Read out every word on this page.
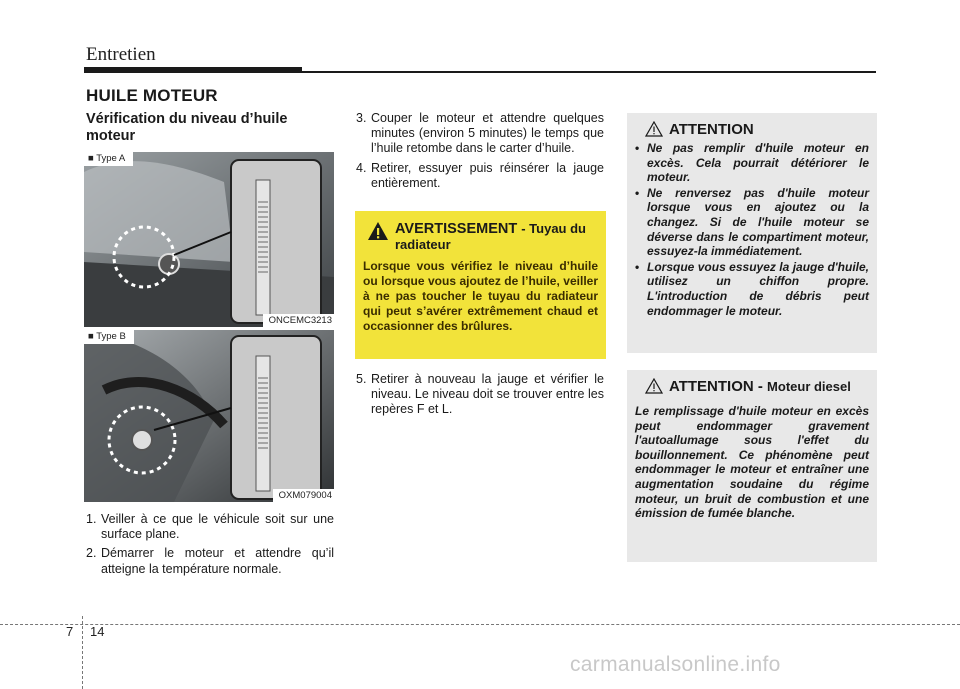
Entretien
HUILE MOTEUR
Vérification du niveau d’huile moteur
■ Type A
ONCEMC3213
■ Type B
OXM079004
1. Veiller à ce que le véhicule soit sur une surface plane.
2. Démarrer le moteur et attendre qu’il atteigne la température normale.
3. Couper le moteur et attendre quelques minutes (environ 5 minutes) le temps que l’huile retombe dans le carter d’huile.
4. Retirer, essuyer puis réinsérer la jauge entièrement.
AVERTISSEMENT - Tuyau du radiateur
Lorsque vous vérifiez le niveau d’huile ou lorsque vous ajoutez de l’huile, veiller à ne pas toucher le tuyau du radiateur qui peut s’avérer extrêmement chaud et occasionner des brûlures.
5. Retirer à nouveau la jauge et vérifier le niveau. Le niveau doit se trouver entre les repères F et L.
ATTENTION
• Ne pas remplir d'huile moteur en excès. Cela pourrait détériorer le moteur.
• Ne renversez pas d'huile moteur lorsque vous en ajoutez ou la changez. Si de l'huile moteur se déverse dans le compartiment moteur, essuyez-la immédiatement.
• Lorsque vous essuyez la jauge d'huile, utilisez un chiffon propre. L'introduction de débris peut endommager le moteur.
ATTENTION - Moteur diesel
Le remplissage d'huile moteur en excès peut endommager gravement l'autoallumage sous l'effet du bouillonnement. Ce phénomène peut endommager le moteur et entraîner une augmentation soudaine du régime moteur, un bruit de combustion et une émission de fumée blanche.
7 14
carmanualsonline.info
